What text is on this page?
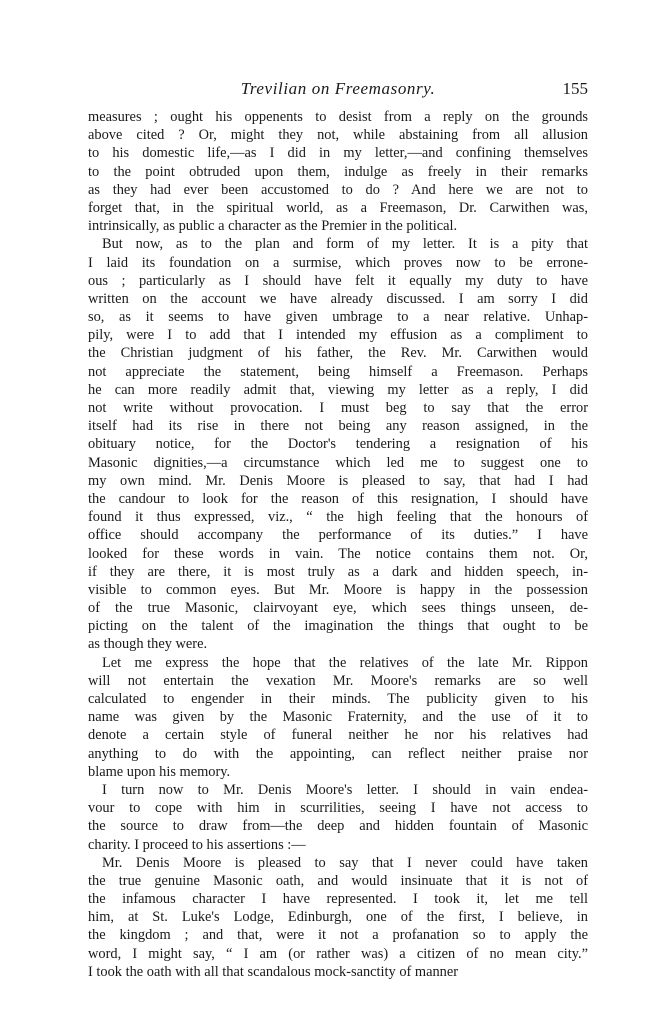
Trevilian on Freemasonry.	155
measures ; ought his oppenents to desist from a reply on the grounds
above cited ? Or, might they not, while abstaining from all allusion
to his domestic life,—as I did in my letter,—and confining themselves
to the point obtruded upon them, indulge as freely in their remarks
as they had ever been accustomed to do ? And here we are not to
forget that, in the spiritual world, as a Freemason, Dr. Carwithen was,
intrinsically, as public a character as the Premier in the political.
But now, as to the plan and form of my letter. It is a pity that
I laid its foundation on a surmise, which proves now to be errone-
ous ; particularly as I should have felt it equally my duty to have
written on the account we have already discussed. I am sorry I did
so, as it seems to have given umbrage to a near relative. Unhap-
pily, were I to add that I intended my effusion as a compliment to
the Christian judgment of his father, the Rev. Mr. Carwithen would
not appreciate the statement, being himself a Freemason. Perhaps
he can more readily admit that, viewing my letter as a reply, I did
not write without provocation. I must beg to say that the error
itself had its rise in there not being any reason assigned, in the
obituary notice, for the Doctor's tendering a resignation of his
Masonic dignities,—a circumstance which led me to suggest one to
my own mind. Mr. Denis Moore is pleased to say, that had I had
the candour to look for the reason of this resignation, I should have
found it thus expressed, viz., “ the high feeling that the honours of
office should accompany the performance of its duties.” I have
looked for these words in vain. The notice contains them not. Or,
if they are there, it is most truly as a dark and hidden speech, in-
visible to common eyes. But Mr. Moore is happy in the possession
of the true Masonic, clairvoyant eye, which sees things unseen, de-
picting on the talent of the imagination the things that ought to be
as though they were.
Let me express the hope that the relatives of the late Mr. Rippon
will not entertain the vexation Mr. Moore's remarks are so well
calculated to engender in their minds. The publicity given to his
name was given by the Masonic Fraternity, and the use of it to
denote a certain style of funeral neither he nor his relatives had
anything to do with the appointing, can reflect neither praise nor
blame upon his memory.
I turn now to Mr. Denis Moore's letter. I should in vain endea-
vour to cope with him in scurrilities, seeing I have not access to
the source to draw from—the deep and hidden fountain of Masonic
charity. I proceed to his assertions :—
Mr. Denis Moore is pleased to say that I never could have taken
the true genuine Masonic oath, and would insinuate that it is not of
the infamous character I have represented. I took it, let me tell
him, at St. Luke's Lodge, Edinburgh, one of the first, I believe, in
the kingdom ; and that, were it not a profanation so to apply the
word, I might say, “ I am (or rather was) a citizen of no mean city.”
I took the oath with all that scandalous mock-sanctity of manner
